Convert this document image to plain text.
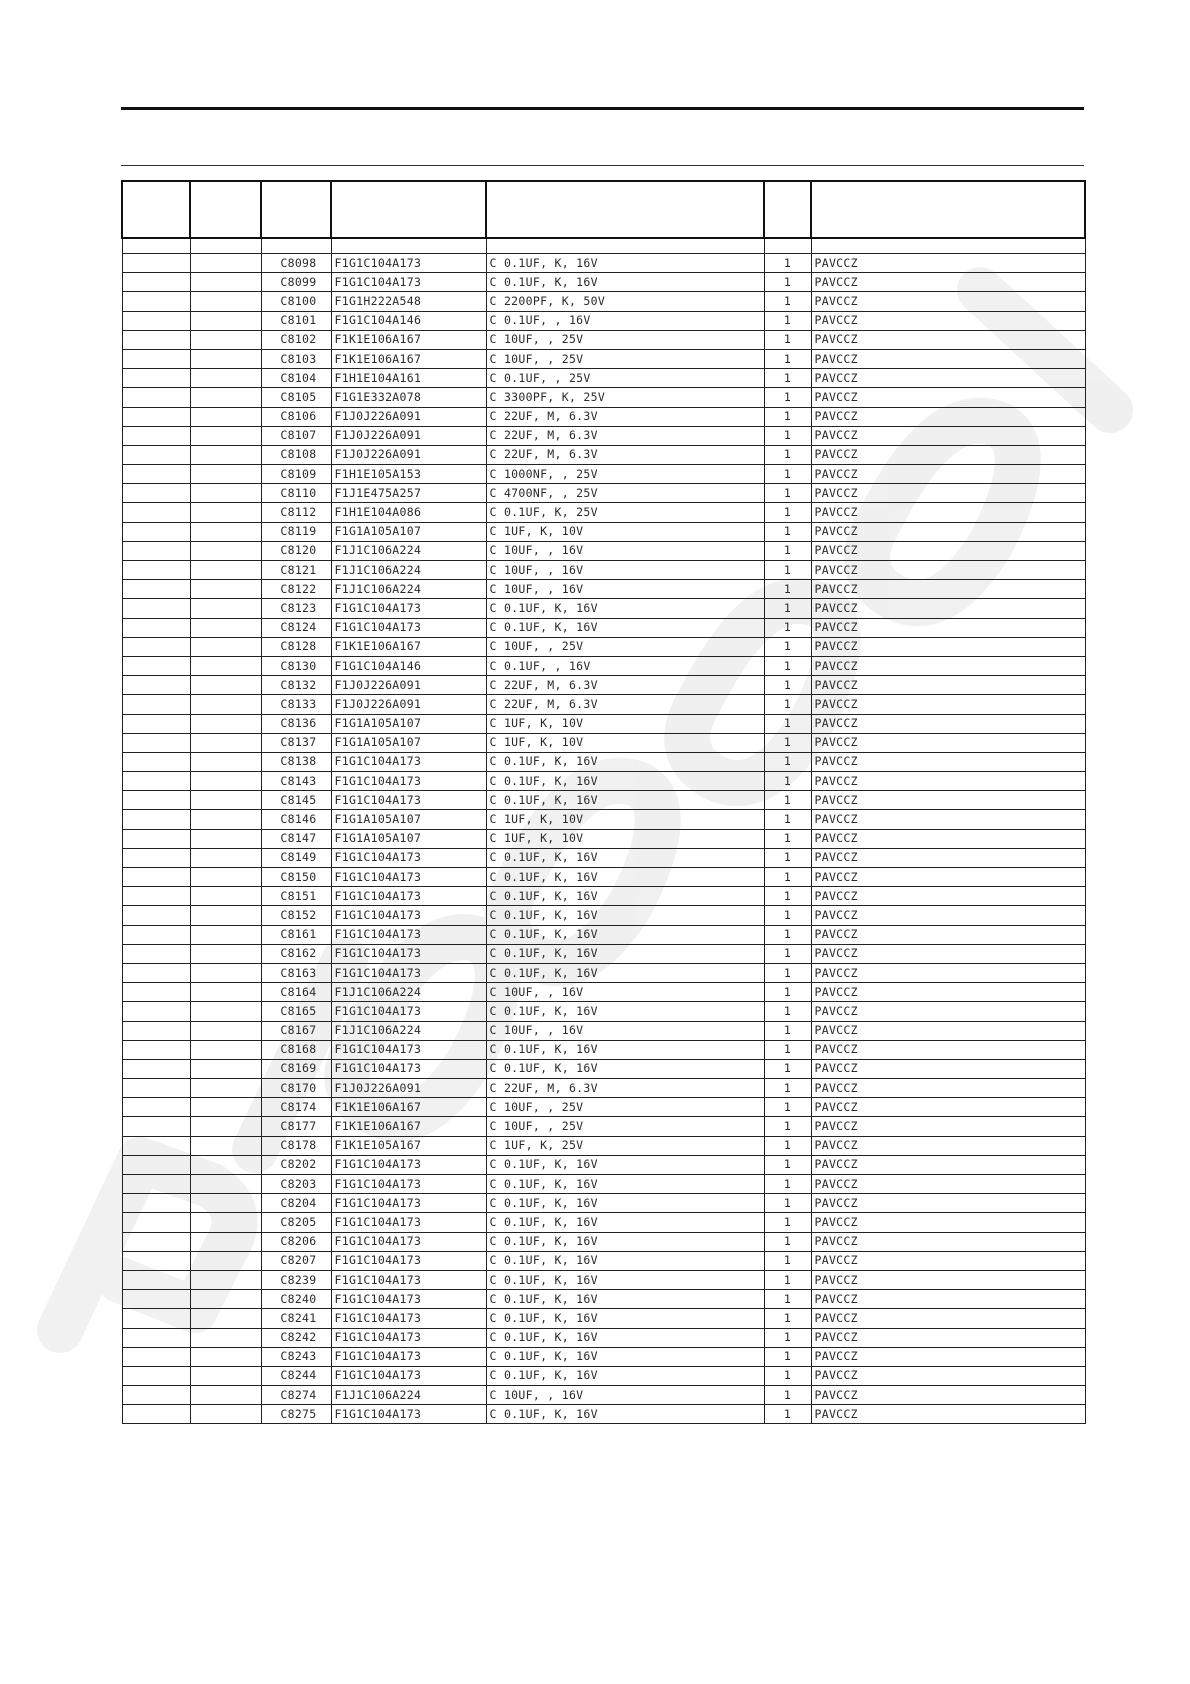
		C8098	F1G1C104A173	C 0.1UF, K, 16V	1	PAVCCZ
		C8099	F1G1C104A173	C 0.1UF, K, 16V	1	PAVCCZ
		C8100	F1G1H222A548	C 2200PF, K, 50V	1	PAVCCZ
		C8101	F1G1C104A146	C 0.1UF, , 16V	1	PAVCCZ
		C8102	F1K1E106A167	C 10UF, , 25V	1	PAVCCZ
		C8103	F1K1E106A167	C 10UF, , 25V	1	PAVCCZ
		C8104	F1H1E104A161	C 0.1UF, , 25V	1	PAVCCZ
		C8105	F1G1E332A078	C 3300PF, K, 25V	1	PAVCCZ
		C8106	F1J0J226A091	C 22UF, M, 6.3V	1	PAVCCZ
		C8107	F1J0J226A091	C 22UF, M, 6.3V	1	PAVCCZ
		C8108	F1J0J226A091	C 22UF, M, 6.3V	1	PAVCCZ
		C8109	F1H1E105A153	C 1000NF, , 25V	1	PAVCCZ
		C8110	F1J1E475A257	C 4700NF, , 25V	1	PAVCCZ
		C8112	F1H1E104A086	C 0.1UF, K, 25V	1	PAVCCZ
		C8119	F1G1A105A107	C 1UF, K, 10V	1	PAVCCZ
		C8120	F1J1C106A224	C 10UF, , 16V	1	PAVCCZ
		C8121	F1J1C106A224	C 10UF, , 16V	1	PAVCCZ
		C8122	F1J1C106A224	C 10UF, , 16V	1	PAVCCZ
		C8123	F1G1C104A173	C 0.1UF, K, 16V	1	PAVCCZ
		C8124	F1G1C104A173	C 0.1UF, K, 16V	1	PAVCCZ
		C8128	F1K1E106A167	C 10UF, , 25V	1	PAVCCZ
		C8130	F1G1C104A146	C 0.1UF, , 16V	1	PAVCCZ
		C8132	F1J0J226A091	C 22UF, M, 6.3V	1	PAVCCZ
		C8133	F1J0J226A091	C 22UF, M, 6.3V	1	PAVCCZ
		C8136	F1G1A105A107	C 1UF, K, 10V	1	PAVCCZ
		C8137	F1G1A105A107	C 1UF, K, 10V	1	PAVCCZ
		C8138	F1G1C104A173	C 0.1UF, K, 16V	1	PAVCCZ
		C8143	F1G1C104A173	C 0.1UF, K, 16V	1	PAVCCZ
		C8145	F1G1C104A173	C 0.1UF, K, 16V	1	PAVCCZ
		C8146	F1G1A105A107	C 1UF, K, 10V	1	PAVCCZ
		C8147	F1G1A105A107	C 1UF, K, 10V	1	PAVCCZ
		C8149	F1G1C104A173	C 0.1UF, K, 16V	1	PAVCCZ
		C8150	F1G1C104A173	C 0.1UF, K, 16V	1	PAVCCZ
		C8151	F1G1C104A173	C 0.1UF, K, 16V	1	PAVCCZ
		C8152	F1G1C104A173	C 0.1UF, K, 16V	1	PAVCCZ
		C8161	F1G1C104A173	C 0.1UF, K, 16V	1	PAVCCZ
		C8162	F1G1C104A173	C 0.1UF, K, 16V	1	PAVCCZ
		C8163	F1G1C104A173	C 0.1UF, K, 16V	1	PAVCCZ
		C8164	F1J1C106A224	C 10UF, , 16V	1	PAVCCZ
		C8165	F1G1C104A173	C 0.1UF, K, 16V	1	PAVCCZ
		C8167	F1J1C106A224	C 10UF, , 16V	1	PAVCCZ
		C8168	F1G1C104A173	C 0.1UF, K, 16V	1	PAVCCZ
		C8169	F1G1C104A173	C 0.1UF, K, 16V	1	PAVCCZ
		C8170	F1J0J226A091	C 22UF, M, 6.3V	1	PAVCCZ
		C8174	F1K1E106A167	C 10UF, , 25V	1	PAVCCZ
		C8177	F1K1E106A167	C 10UF, , 25V	1	PAVCCZ
		C8178	F1K1E105A167	C 1UF, K, 25V	1	PAVCCZ
		C8202	F1G1C104A173	C 0.1UF, K, 16V	1	PAVCCZ
		C8203	F1G1C104A173	C 0.1UF, K, 16V	1	PAVCCZ
		C8204	F1G1C104A173	C 0.1UF, K, 16V	1	PAVCCZ
		C8205	F1G1C104A173	C 0.1UF, K, 16V	1	PAVCCZ
		C8206	F1G1C104A173	C 0.1UF, K, 16V	1	PAVCCZ
		C8207	F1G1C104A173	C 0.1UF, K, 16V	1	PAVCCZ
		C8239	F1G1C104A173	C 0.1UF, K, 16V	1	PAVCCZ
		C8240	F1G1C104A173	C 0.1UF, K, 16V	1	PAVCCZ
		C8241	F1G1C104A173	C 0.1UF, K, 16V	1	PAVCCZ
		C8242	F1G1C104A173	C 0.1UF, K, 16V	1	PAVCCZ
		C8243	F1G1C104A173	C 0.1UF, K, 16V	1	PAVCCZ
		C8244	F1G1C104A173	C 0.1UF, K, 16V	1	PAVCCZ
		C8274	F1J1C106A224	C 10UF, , 16V	1	PAVCCZ
		C8275	F1G1C104A173	C 0.1UF, K, 16V	1	PAVCCZ
